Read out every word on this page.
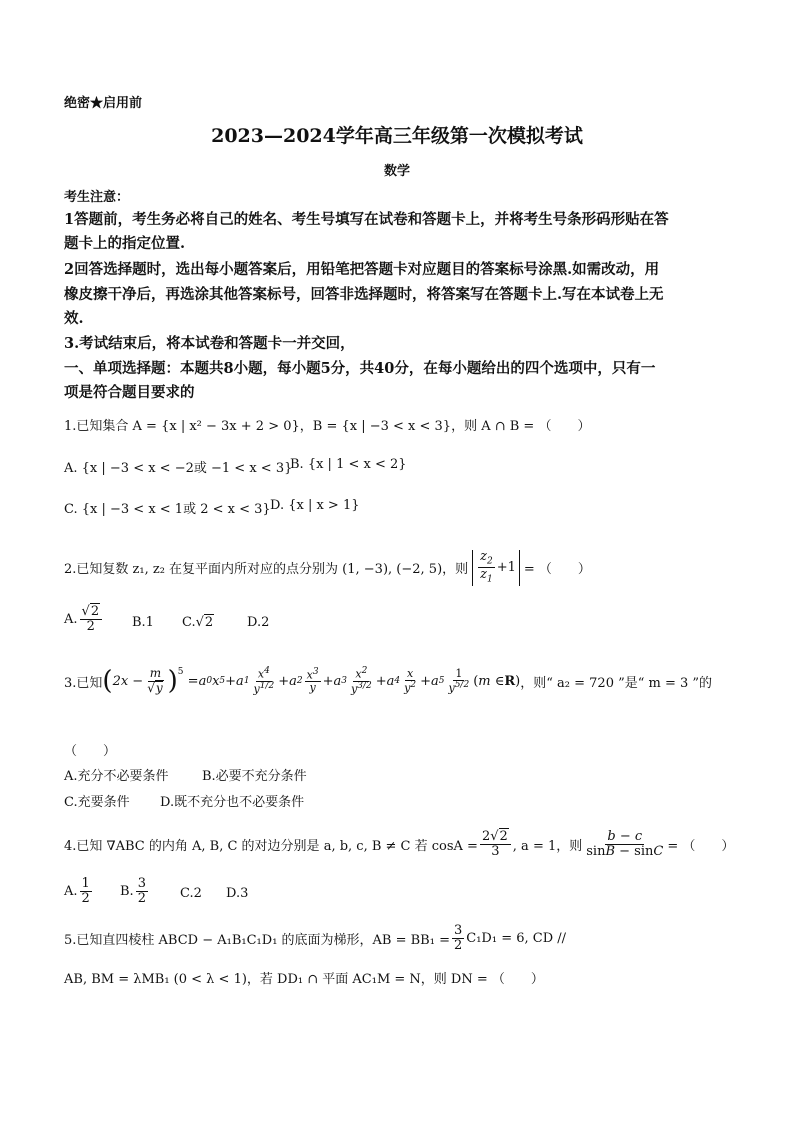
绝密★启用前
2023—2024学年高三年级第一次模拟考试
数学
考生注意：
1答题前，考生务必将自己的姓名、考生号填写在试卷和答题卡上，并将考生号条形码形贴在答
题卡上的指定位置.
2回答选择题时，选出每小题答案后，用铅笔把答题卡对应题目的答案标号涂黑.如需改动，用
橡皮擦干净后，再选涂其他答案标号，回答非选择题时，将答案写在答题卡上.写在本试卷上无
效.
3.考试结束后，将本试卷和答题卡一并交回，
一、单项选择题：本题共8小题，每小题5分，共40分，在每小题给出的四个选项中，只有一
项是符合题目要求的
1.已知集合 A = {x | x² − 3x + 2 > 0}，B = {x | −3 < x < 3}，则 A ∩ B = （　　）
A. {x | −3 < x < −2或 −1 < x < 3}
B. {x | 1 < x < 2}
C. {x | −3 < x < 1或 2 < x < 3} D. {x | x > 1}
2.已知复数 z₁, z₂ 在复平面内所对应的点分别为 (1, −3), (−2, 5)，则 $\frac{z_2}{z_1} +1$ = （　　）
A. $\frac{√2}{2} B.1$ C. √2	D.2
3.已知 ( $2x - \frac{m}{√y}$ ) 5
= a 0 x 5 + a $1 \frac{x^4}{y^{1/2}} + a$ $2 \frac{x^3}{y} + a$ $3 \frac{x^2}{y^{3/2}} + a$ $4 \frac{x}{y^2} + a$ $5 \frac{1}{y^{5/2}}$ ( m ∈ R ) ，则“ a₂ = 720 ”是“ m = 3 ”的
（　　）
A.充分不必要条件	B.必要不充分条件
C.充要条件 D.既不充分也不必要条件
4.已知 ∇ABC 的内角 A, B, C 的对边分别是 a, b, c, B ≠ C 若 $\cos A = \frac{2√2}{3}$ , a = 1，则 $\frac{b - c}{\sin B - \sin C}$ = （　　）
A. $\frac{1}{2} B$. $\frac{3}{2} C.2$ D.3
5.已知直四棱柱 ABCD − A₁B₁C₁D₁ 的底面为梯形，AB = $BB_1 = \frac{3}{2} C_1D_1 = 6$, CD //
AB, BM = λMB₁ (0 < λ < 1)，若 DD₁ ∩ 平面 AC₁M = N，则 DN = （　　）
